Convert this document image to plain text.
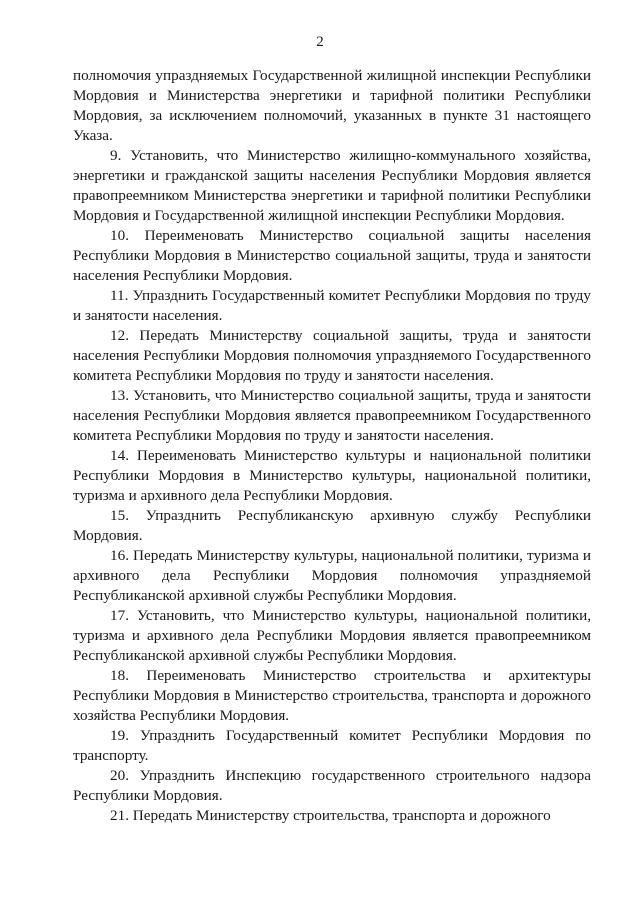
2

полномочия упраздняемых Государственной жилищной инспекции Республики Мордовия и Министерства энергетики и тарифной политики Республики Мордовия, за исключением полномочий, указанных в пункте 31 настоящего Указа.

9. Установить, что Министерство жилищно-коммунального хозяйства, энергетики и гражданской защиты населения Республики Мордовия является правопреемником Министерства энергетики и тарифной политики Республики Мордовия и Государственной жилищной инспекции Республики Мордовия.

10. Переименовать Министерство социальной защиты населения Республики Мордовия в Министерство социальной защиты, труда и занятости населения Республики Мордовия.

11. Упразднить Государственный комитет Республики Мордовия по труду и занятости населения.

12. Передать Министерству социальной защиты, труда и занятости населения Республики Мордовия полномочия упраздняемого Государственного комитета Республики Мордовия по труду и занятости населения.

13. Установить, что Министерство социальной защиты, труда и занятости населения Республики Мордовия является правопреемником Государственного комитета Республики Мордовия по труду и занятости населения.

14. Переименовать Министерство культуры и национальной политики Республики Мордовия в Министерство культуры, национальной политики, туризма и архивного дела Республики Мордовия.

15. Упразднить Республиканскую архивную службу Республики Мордовия.

16. Передать Министерству культуры, национальной политики, туризма и архивного дела Республики Мордовия полномочия упраздняемой Республиканской архивной службы Республики Мордовия.

17. Установить, что Министерство культуры, национальной политики, туризма и архивного дела Республики Мордовия является правопреемником Республиканской архивной службы Республики Мордовия.

18. Переименовать Министерство строительства и архитектуры Республики Мордовия в Министерство строительства, транспорта и дорожного хозяйства Республики Мордовия.

19. Упразднить Государственный комитет Республики Мордовия по транспорту.

20. Упразднить Инспекцию государственного строительного надзора Республики Мордовия.

21. Передать Министерству строительства, транспорта и дорожного
